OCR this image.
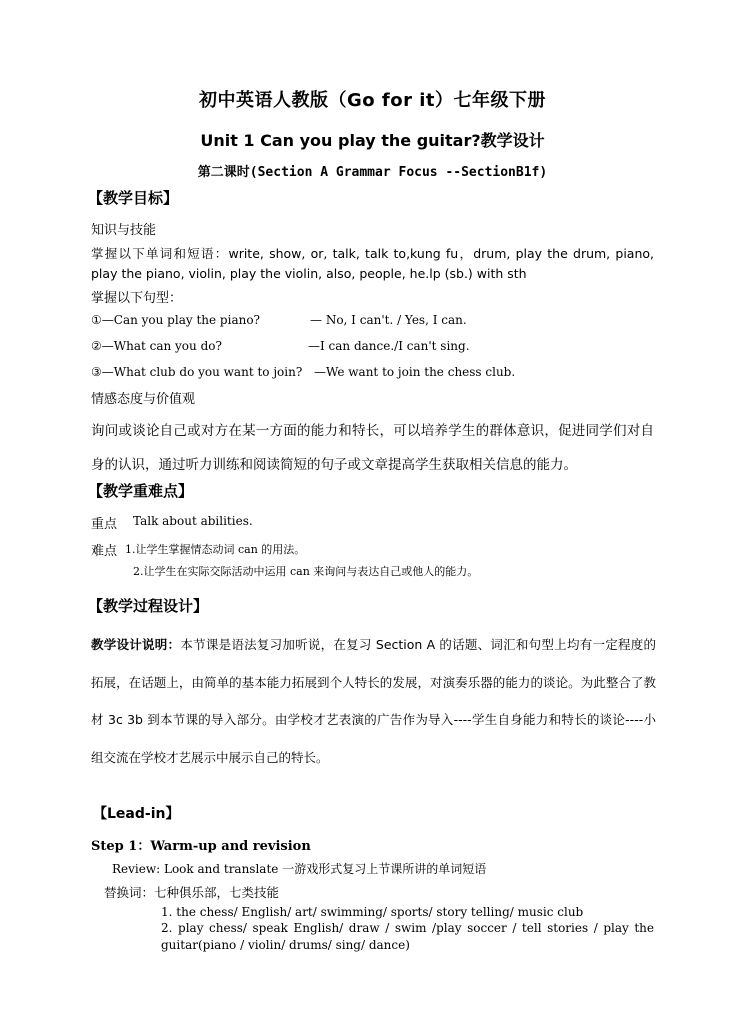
初中英语人教版（Go for it）七年级下册
Unit 1 Can you play the guitar?教学设计
第二课时(Section A Grammar Focus --SectionB1f)
【教学目标】
知识与技能
掌握以下单词和短语：write, show, or, talk, talk to,kung fu，drum, play the drum, piano, play the piano, violin, play the violin, also, people, he.lp (sb.) with sth
掌握以下句型：
①—Can you play the piano?	— No, I can't. / Yes, I can.
②—What can you do?	—I can dance./I can't sing.
③—What club do you want to join? —We want to join the chess club.
情感态度与价值观
询问或谈论自己或对方在某一方面的能力和特长，可以培养学生的群体意识，促进同学们对自身的认识，通过听力训练和阅读简短的句子或文章提高学生获取相关信息的能力。
【教学重难点】
重点 Talk about abilities.
难点 1.让学生掌握情态动词 can 的用法。
2.让学生在实际交际活动中运用 can 来询问与表达自己或他人的能力。
【教学过程设计】
教学设计说明：本节课是语法复习加听说，在复习 Section A 的话题、词汇和句型上均有一定程度的拓展，在话题上，由简单的基本能力拓展到个人特长的发展，对演奏乐器的能力的谈论。为此整合了教材 3c 3b 到本节课的导入部分。由学校才艺表演的广告作为导入----学生自身能力和特长的谈论----小组交流在学校才艺展示中展示自己的特长。
【Lead-in】
Step 1：Warm-up and revision
Review: Look and translate 一游戏形式复习上节课所讲的单词短语
替换词：七种俱乐部，七类技能
1. the chess/ English/ art/ swimming/ sports/ story telling/ music club
2. play chess/ speak English/ draw / swim /play soccer / tell stories / play the guitar(piano / violin/ drums/ sing/ dance)
